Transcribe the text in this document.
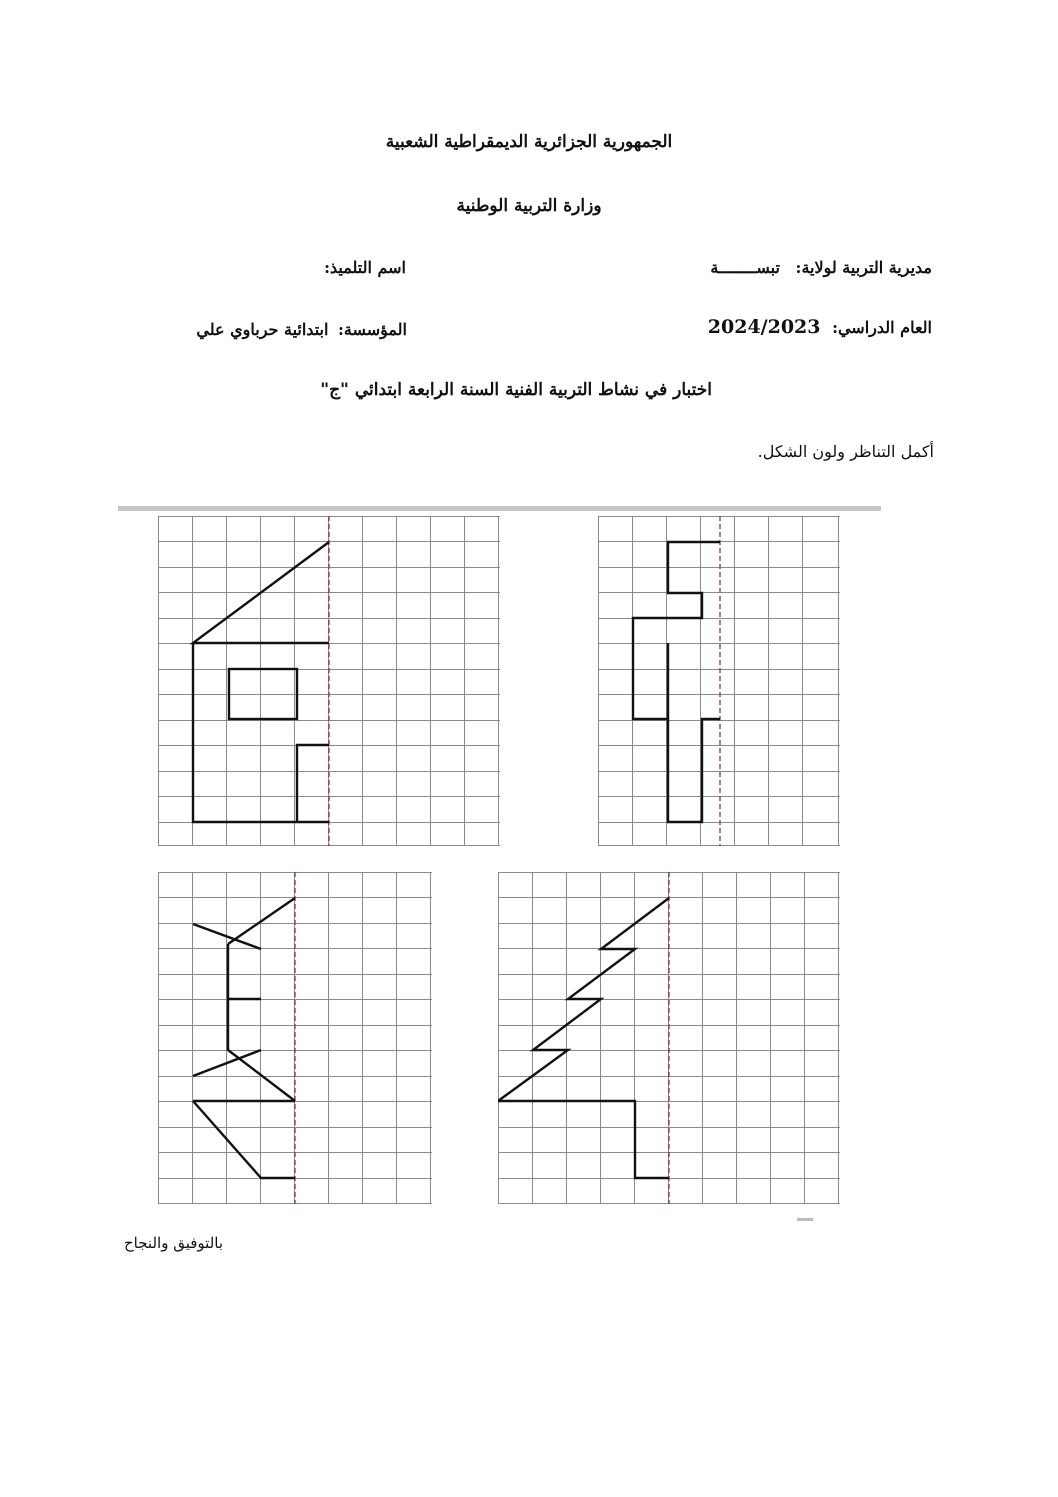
الجمهورية الجزائرية الديمقراطية الشعبية
وزارة التربية الوطنية
مديرية التربية لولاية: تبســــــــة
اسم التلميذ:
العام الدراسي: 2024/2023
المؤسسة: ابتدائية حرباوي علي
اختبار في نشاط التربية الفنية السنة الرابعة ابتدائي "ج"
أكمل التناظر ولون الشكل.
بالتوفيق والنجاح
